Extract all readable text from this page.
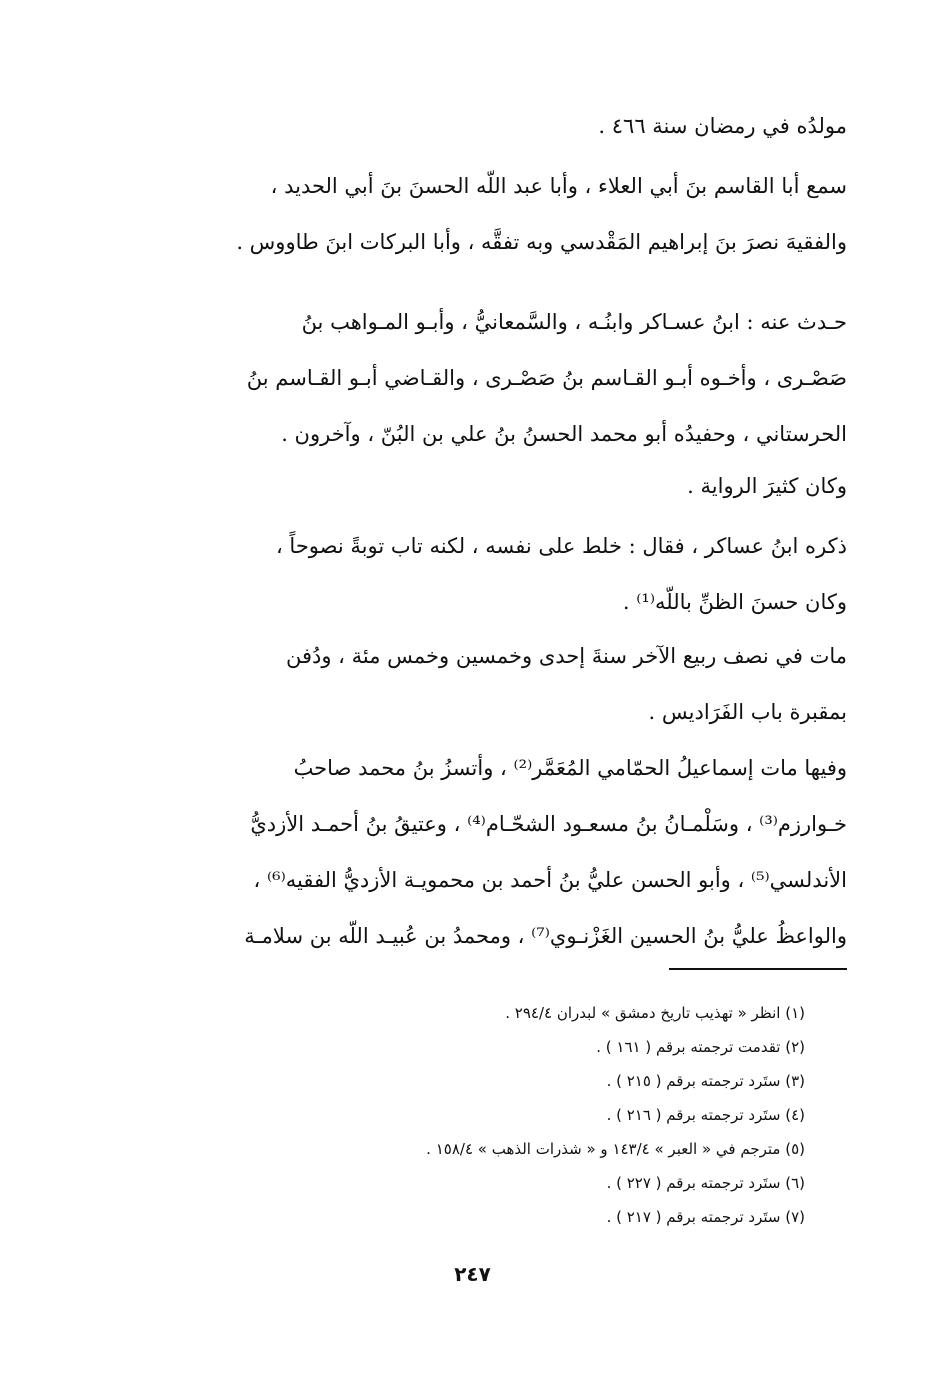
مولدُه في رمضان سنة ٤٦٦ .
سمع أبا القاسم بنَ أبي العلاء ، وأبا عبد اللّه الحسنَ بنَ أبي الحديد ،
والفقيهَ نصرَ بنَ إبراهيم المَقْدسي وبه تفقَّه ، وأبا البركات ابنَ طاووس .
حـدث عنه : ابنُ عسـاكر وابنُـه ، والسَّمعانيُّ ، وأبـو المـواهب بنُ
صَصْـرى ، وأخـوه أبـو القـاسم بنُ صَصْـرى ، والقـاضي أبـو القـاسم بنُ
الحرستاني ، وحفيدُه أبو محمد الحسنُ بنُ علي بن البُنّ ، وآخرون .
وكان كثيرَ الرواية .
ذكره ابنُ عساكر ، فقال : خلط على نفسه ، لكنه تاب توبةً نصوحاً ،
وكان حسنَ الظنِّ باللّه⁽¹⁾ .
مات في نصف ربيع الآخر سنةَ إحدى وخمسين وخمس مئة ، ودُفن
بمقبرة باب الفَرَاديس .
وفيها مات إسماعيلُ الحمّامي المُعَمَّر⁽²⁾ ، وأتسزُ بنُ محمد صاحبُ
خـوارزم⁽³⁾ ، وسَلْمـانُ بنُ مسعـود الشحّـام⁽⁴⁾ ، وعتيقُ بنُ أحمـد الأزديُّ
الأندلسي⁽⁵⁾ ، وأبو الحسن عليُّ بنُ أحمد بن محمويـة الأزديُّ الفقيه⁽⁶⁾ ،
والواعظُ عليُّ بنُ الحسين الغَزْنـوي⁽⁷⁾ ، ومحمدُ بن عُبيـد اللّه بن سلامـة
(١) انظر « تهذيب تاريخ دمشق » لبدران ٢٩٤/٤ .
(٢) تقدمت ترجمته برقم ( ١٦١ ) .
(٣) ستَرد ترجمته برقم ( ٢١٥ ) .
(٤) ستَرد ترجمته برقم ( ٢١٦ ) .
(٥) مترجم في « العبر » ١٤٣/٤ و « شذرات الذهب » ١٥٨/٤ .
(٦) ستَرد ترجمته برقم ( ٢٢٧ ) .
(٧) ستَرد ترجمته برقم ( ٢١٧ ) .
٢٤٧
